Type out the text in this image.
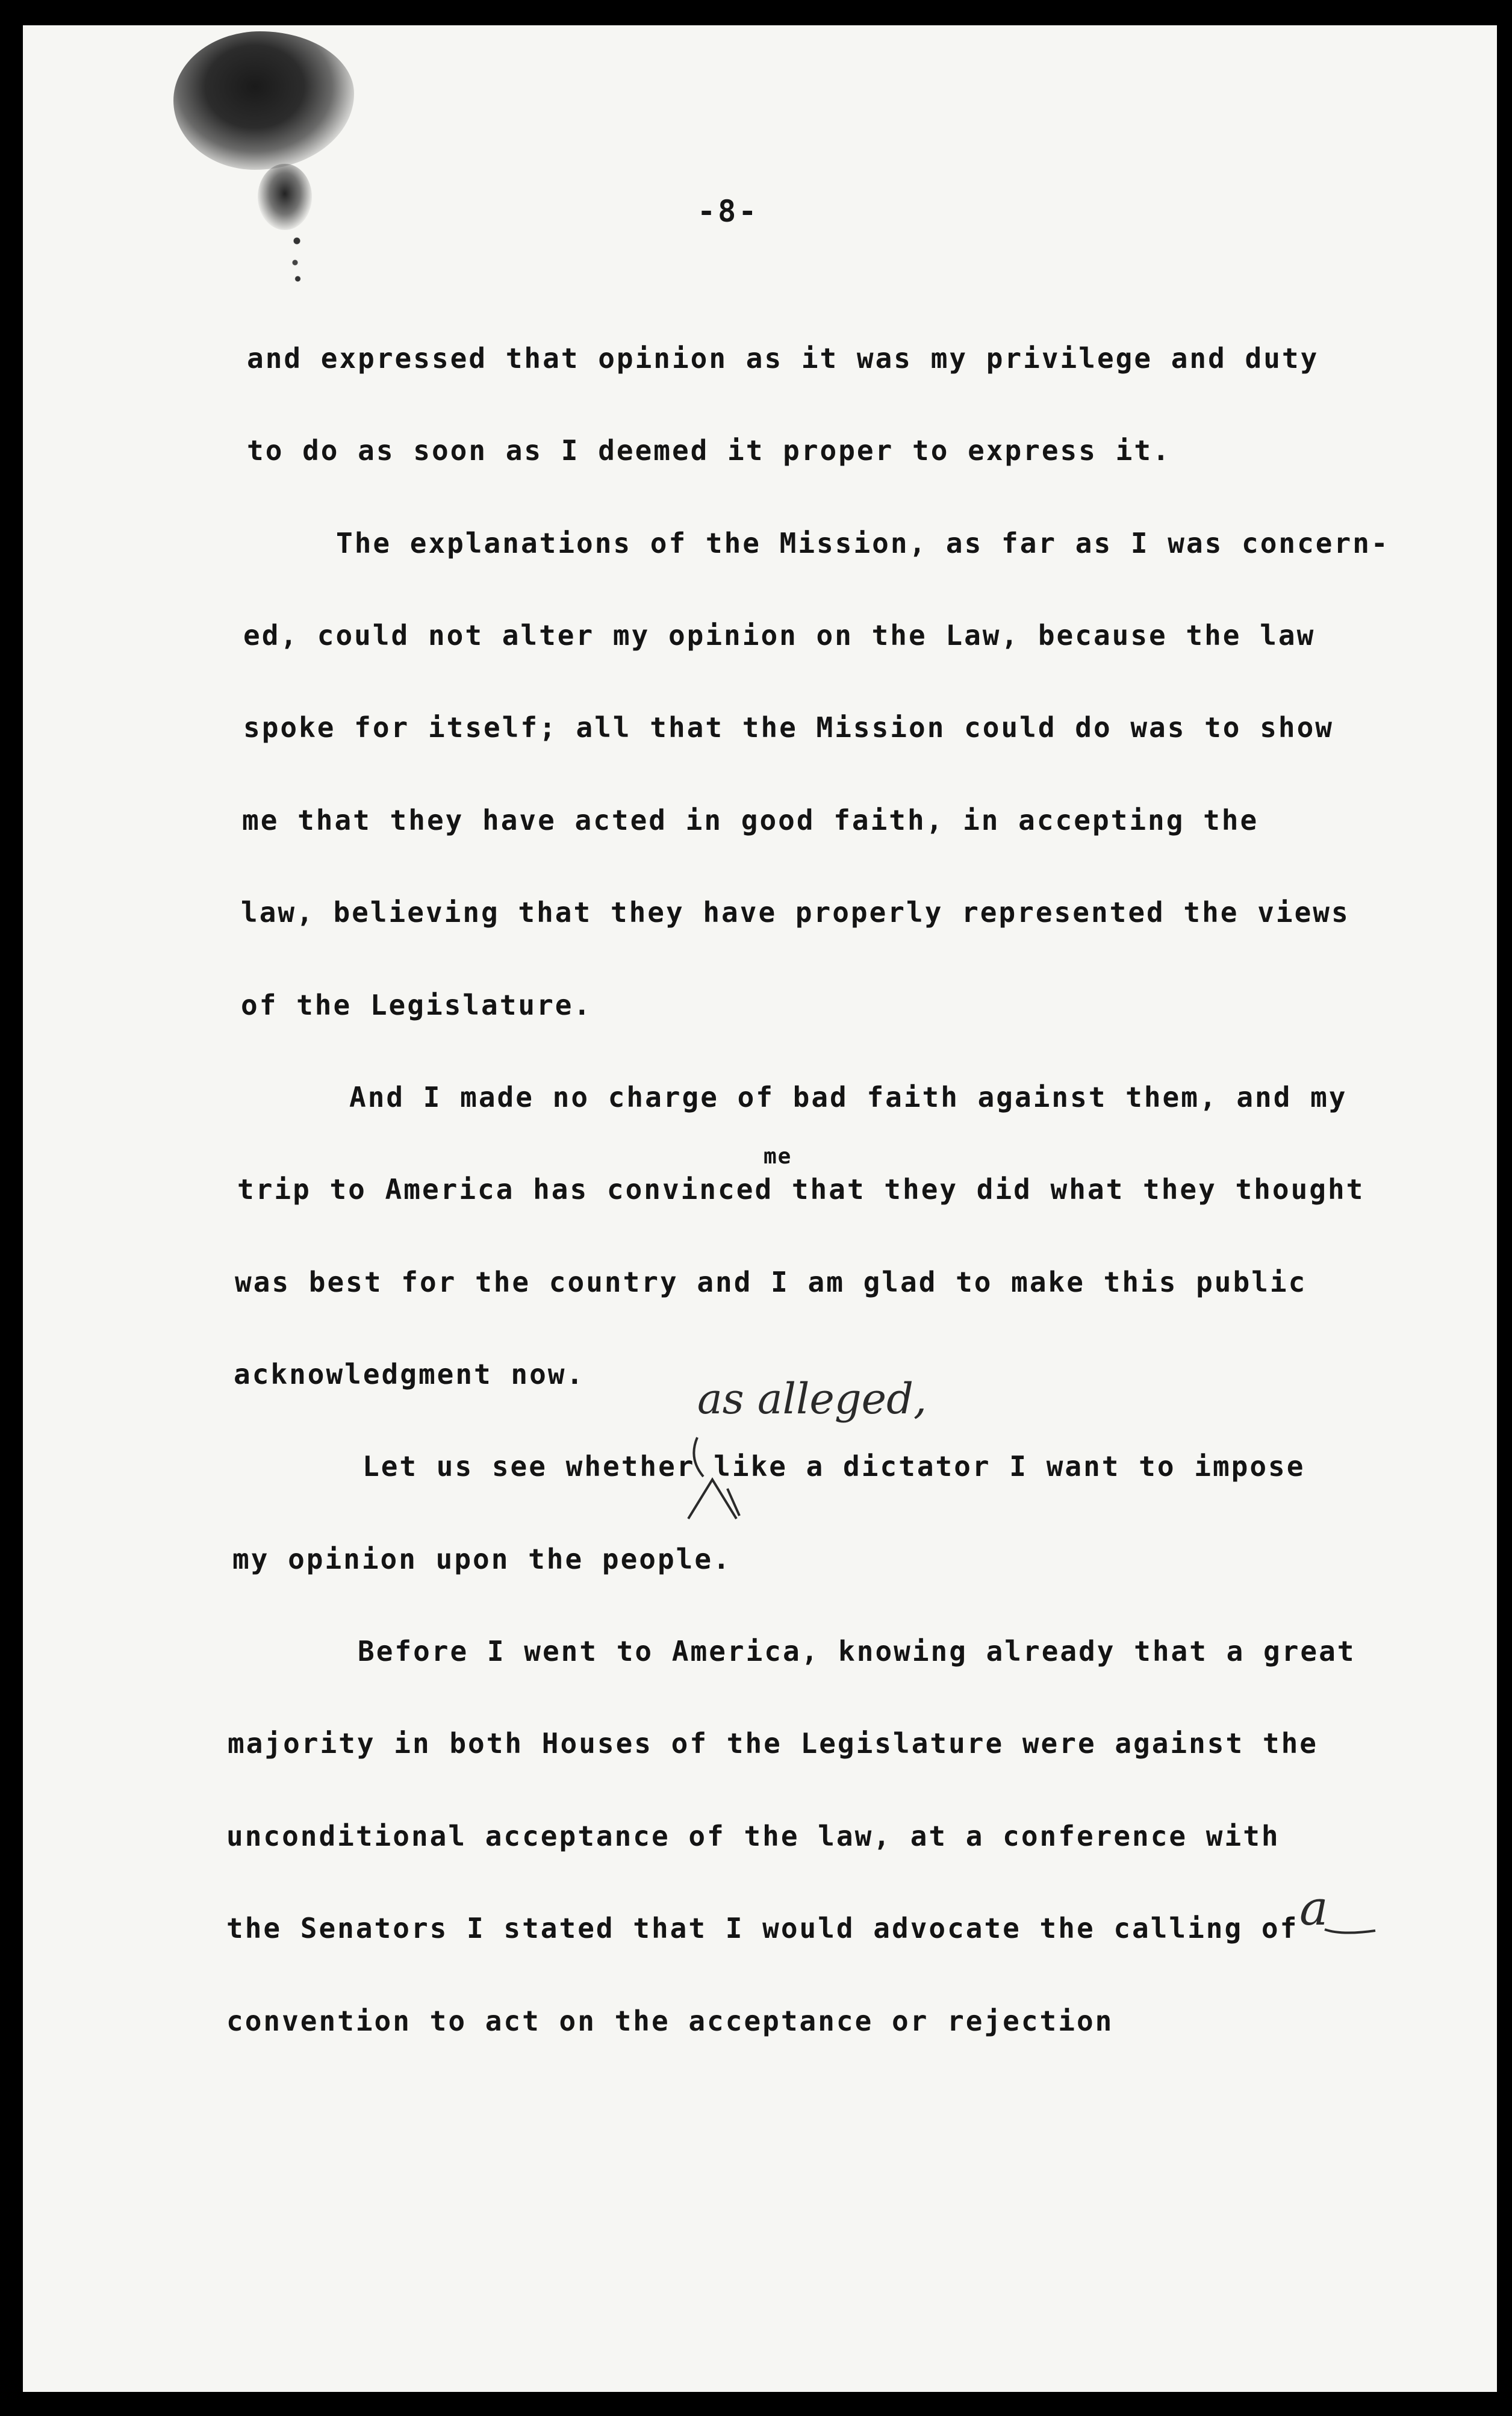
-8-
and expressed that opinion as it was my privilege and duty
to do as soon as I deemed it proper to express it.
The explanations of the Mission, as far as I was concern-
ed, could not alter my opinion on the Law, because the law
spoke for itself; all that the Mission could do was to show
me that they have acted in good faith, in accepting the
law, believing that they have properly represented the views
of the Legislature.
And I made no charge of bad faith against them, and my
me
trip to America has convinced that they did what they thought
was best for the country and I am glad to make this public
acknowledgment now.	as alleged,
Let us see whether like a dictator I want to impose
my opinion upon the people.
Before I went to America, knowing already that a great
majority in both Houses of the Legislature were against the
unconditional acceptance of the law, at a conference with
the Senators I stated that I would advocate the calling of a
convention to act on the acceptance or rejection
